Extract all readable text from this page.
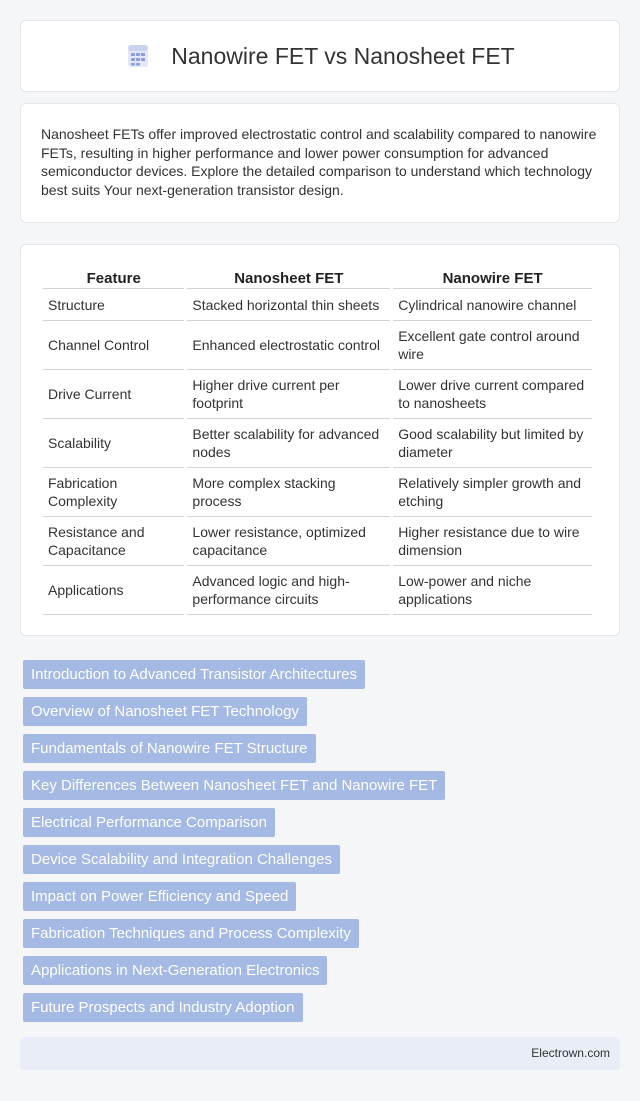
Nanowire FET vs Nanosheet FET

Nanosheet FETs offer improved electrostatic control and scalability compared to nanowire FETs, resulting in higher performance and lower power consumption for advanced semiconductor devices. Explore the detailed comparison to understand which technology best suits Your next-generation transistor design.

Feature	Nanosheet FET	Nanowire FET
Structure	Stacked horizontal thin sheets	Cylindrical nanowire channel
Channel Control	Enhanced electrostatic control	Excellent gate control around wire
Drive Current	Higher drive current per footprint	Lower drive current compared to nanosheets
Scalability	Better scalability for advanced nodes	Good scalability but limited by diameter
Fabrication Complexity	More complex stacking process	Relatively simpler growth and etching
Resistance and Capacitance	Lower resistance, optimized capacitance	Higher resistance due to wire dimension
Applications	Advanced logic and high-performance circuits	Low-power and niche applications
Introduction to Advanced Transistor Architectures
Overview of Nanosheet FET Technology
Fundamentals of Nanowire FET Structure
Key Differences Between Nanosheet FET and Nanowire FET
Electrical Performance Comparison
Device Scalability and Integration Challenges
Impact on Power Efficiency and Speed
Fabrication Techniques and Process Complexity
Applications in Next-Generation Electronics
Future Prospects and Industry Adoption
Electrown.com
